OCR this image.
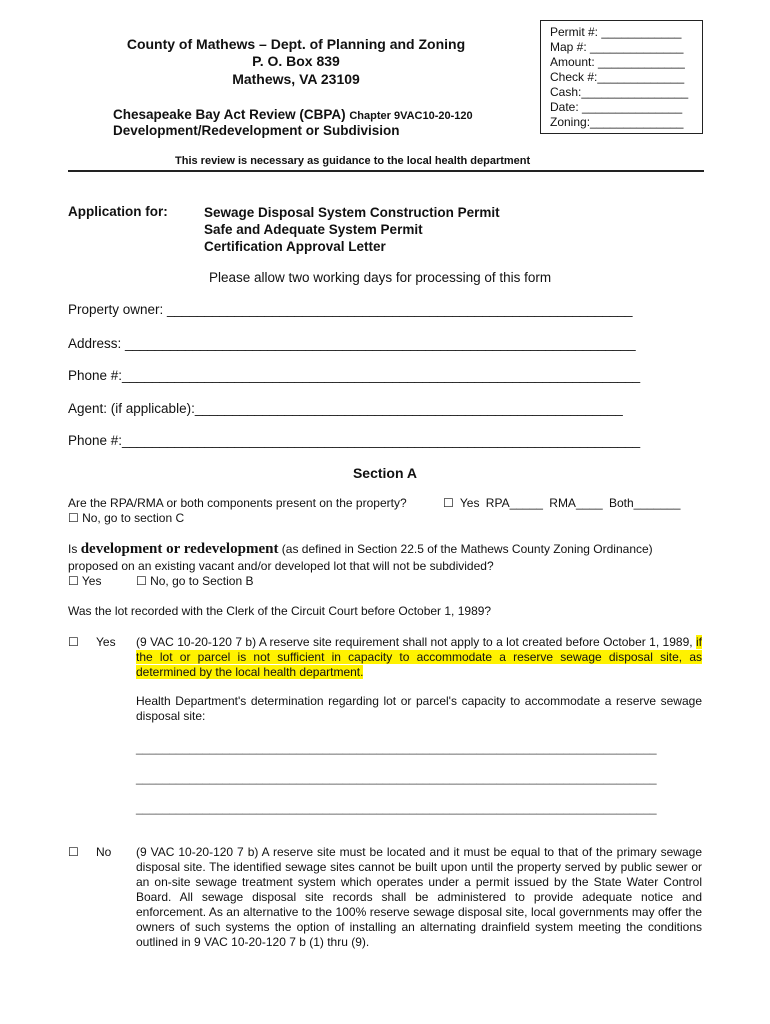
County of Mathews – Dept. of Planning and Zoning
P. O. Box 839
Mathews, VA 23109
Chesapeake Bay Act Review (CBPA) Chapter 9VAC10-20-120
Development/Redevelopment or Subdivision
Permit #: ____________
Map #: ______________
Amount: _____________
Check #:_____________
Cash:________________
Date: _______________
Zoning:______________
This review is necessary as guidance to the local health department
Application for:	Sewage Disposal System Construction Permit
Safe and Adequate System Permit
Certification Approval Letter
Please allow two working days for processing of this form
Property owner: ______________________________________________________________
Address: ____________________________________________________________________
Phone #:_____________________________________________________________________
Agent: (if applicable):_________________________________________________________
Phone #:_____________________________________________________________________
Section A
Are the RPA/RMA or both components present on the property?	☐ Yes RPA_____ RMA____ Both_______
☐ No, go to section C
Is development or redevelopment (as defined in Section 22.5 of the Mathews County Zoning Ordinance)
proposed on an existing vacant and/or developed lot that will not be subdivided?
☐ Yes	☐ No, go to Section B
Was the lot recorded with the Clerk of the Circuit Court before October 1, 1989?
☐ Yes (9 VAC 10-20-120 7 b) A reserve site requirement shall not apply to a lot created before October 1, 1989, if the lot or parcel is not sufficient in capacity to accommodate a reserve sewage disposal site, as determined by the local health department.
Health Department's determination regarding lot or parcel's capacity to accommodate a reserve sewage disposal site:
______________________________________________________________________________
______________________________________________________________________________
______________________________________________________________________________
☐ No (9 VAC 10-20-120 7 b) A reserve site must be located and it must be equal to that of the primary sewage disposal site. The identified sewage sites cannot be built upon until the property served by public sewer or an on-site sewage treatment system which operates under a permit issued by the State Water Control Board. All sewage disposal site records shall be administered to provide adequate notice and enforcement. As an alternative to the 100% reserve sewage disposal site, local governments may offer the owners of such systems the option of installing an alternating drainfield system meeting the conditions outlined in 9 VAC 10-20-120 7 b (1) thru (9).
